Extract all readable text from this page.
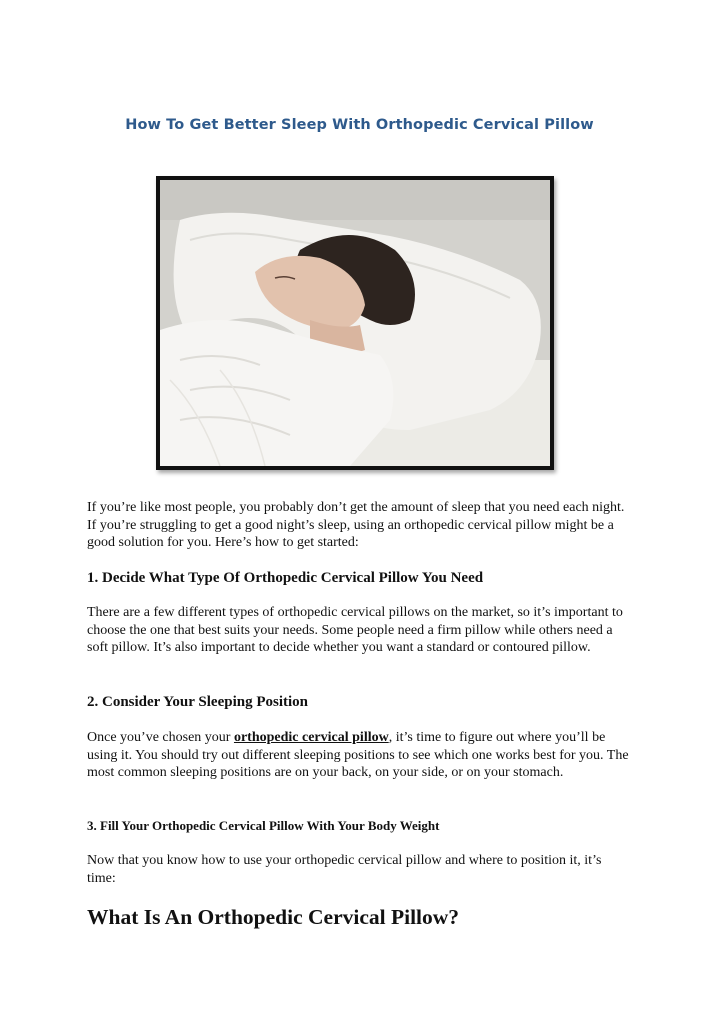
How To Get Better Sleep With Orthopedic Cervical Pillow
If you’re like most people, you probably don’t get the amount of sleep that you need each night. If you’re struggling to get a good night’s sleep, using an orthopedic cervical pillow might be a good solution for you. Here’s how to get started:
1. Decide What Type Of Orthopedic Cervical Pillow You Need
There are a few different types of orthopedic cervical pillows on the market, so it’s important to choose the one that best suits your needs. Some people need a firm pillow while others need a soft pillow. It’s also important to decide whether you want a standard or contoured pillow.
2. Consider Your Sleeping Position
Once you’ve chosen your orthopedic cervical pillow, it’s time to figure out where you’ll be using it. You should try out different sleeping positions to see which one works best for you. The most common sleeping positions are on your back, on your side, or on your stomach.
3. Fill Your Orthopedic Cervical Pillow With Your Body Weight
Now that you know how to use your orthopedic cervical pillow and where to position it, it’s time:
What Is An Orthopedic Cervical Pillow?
